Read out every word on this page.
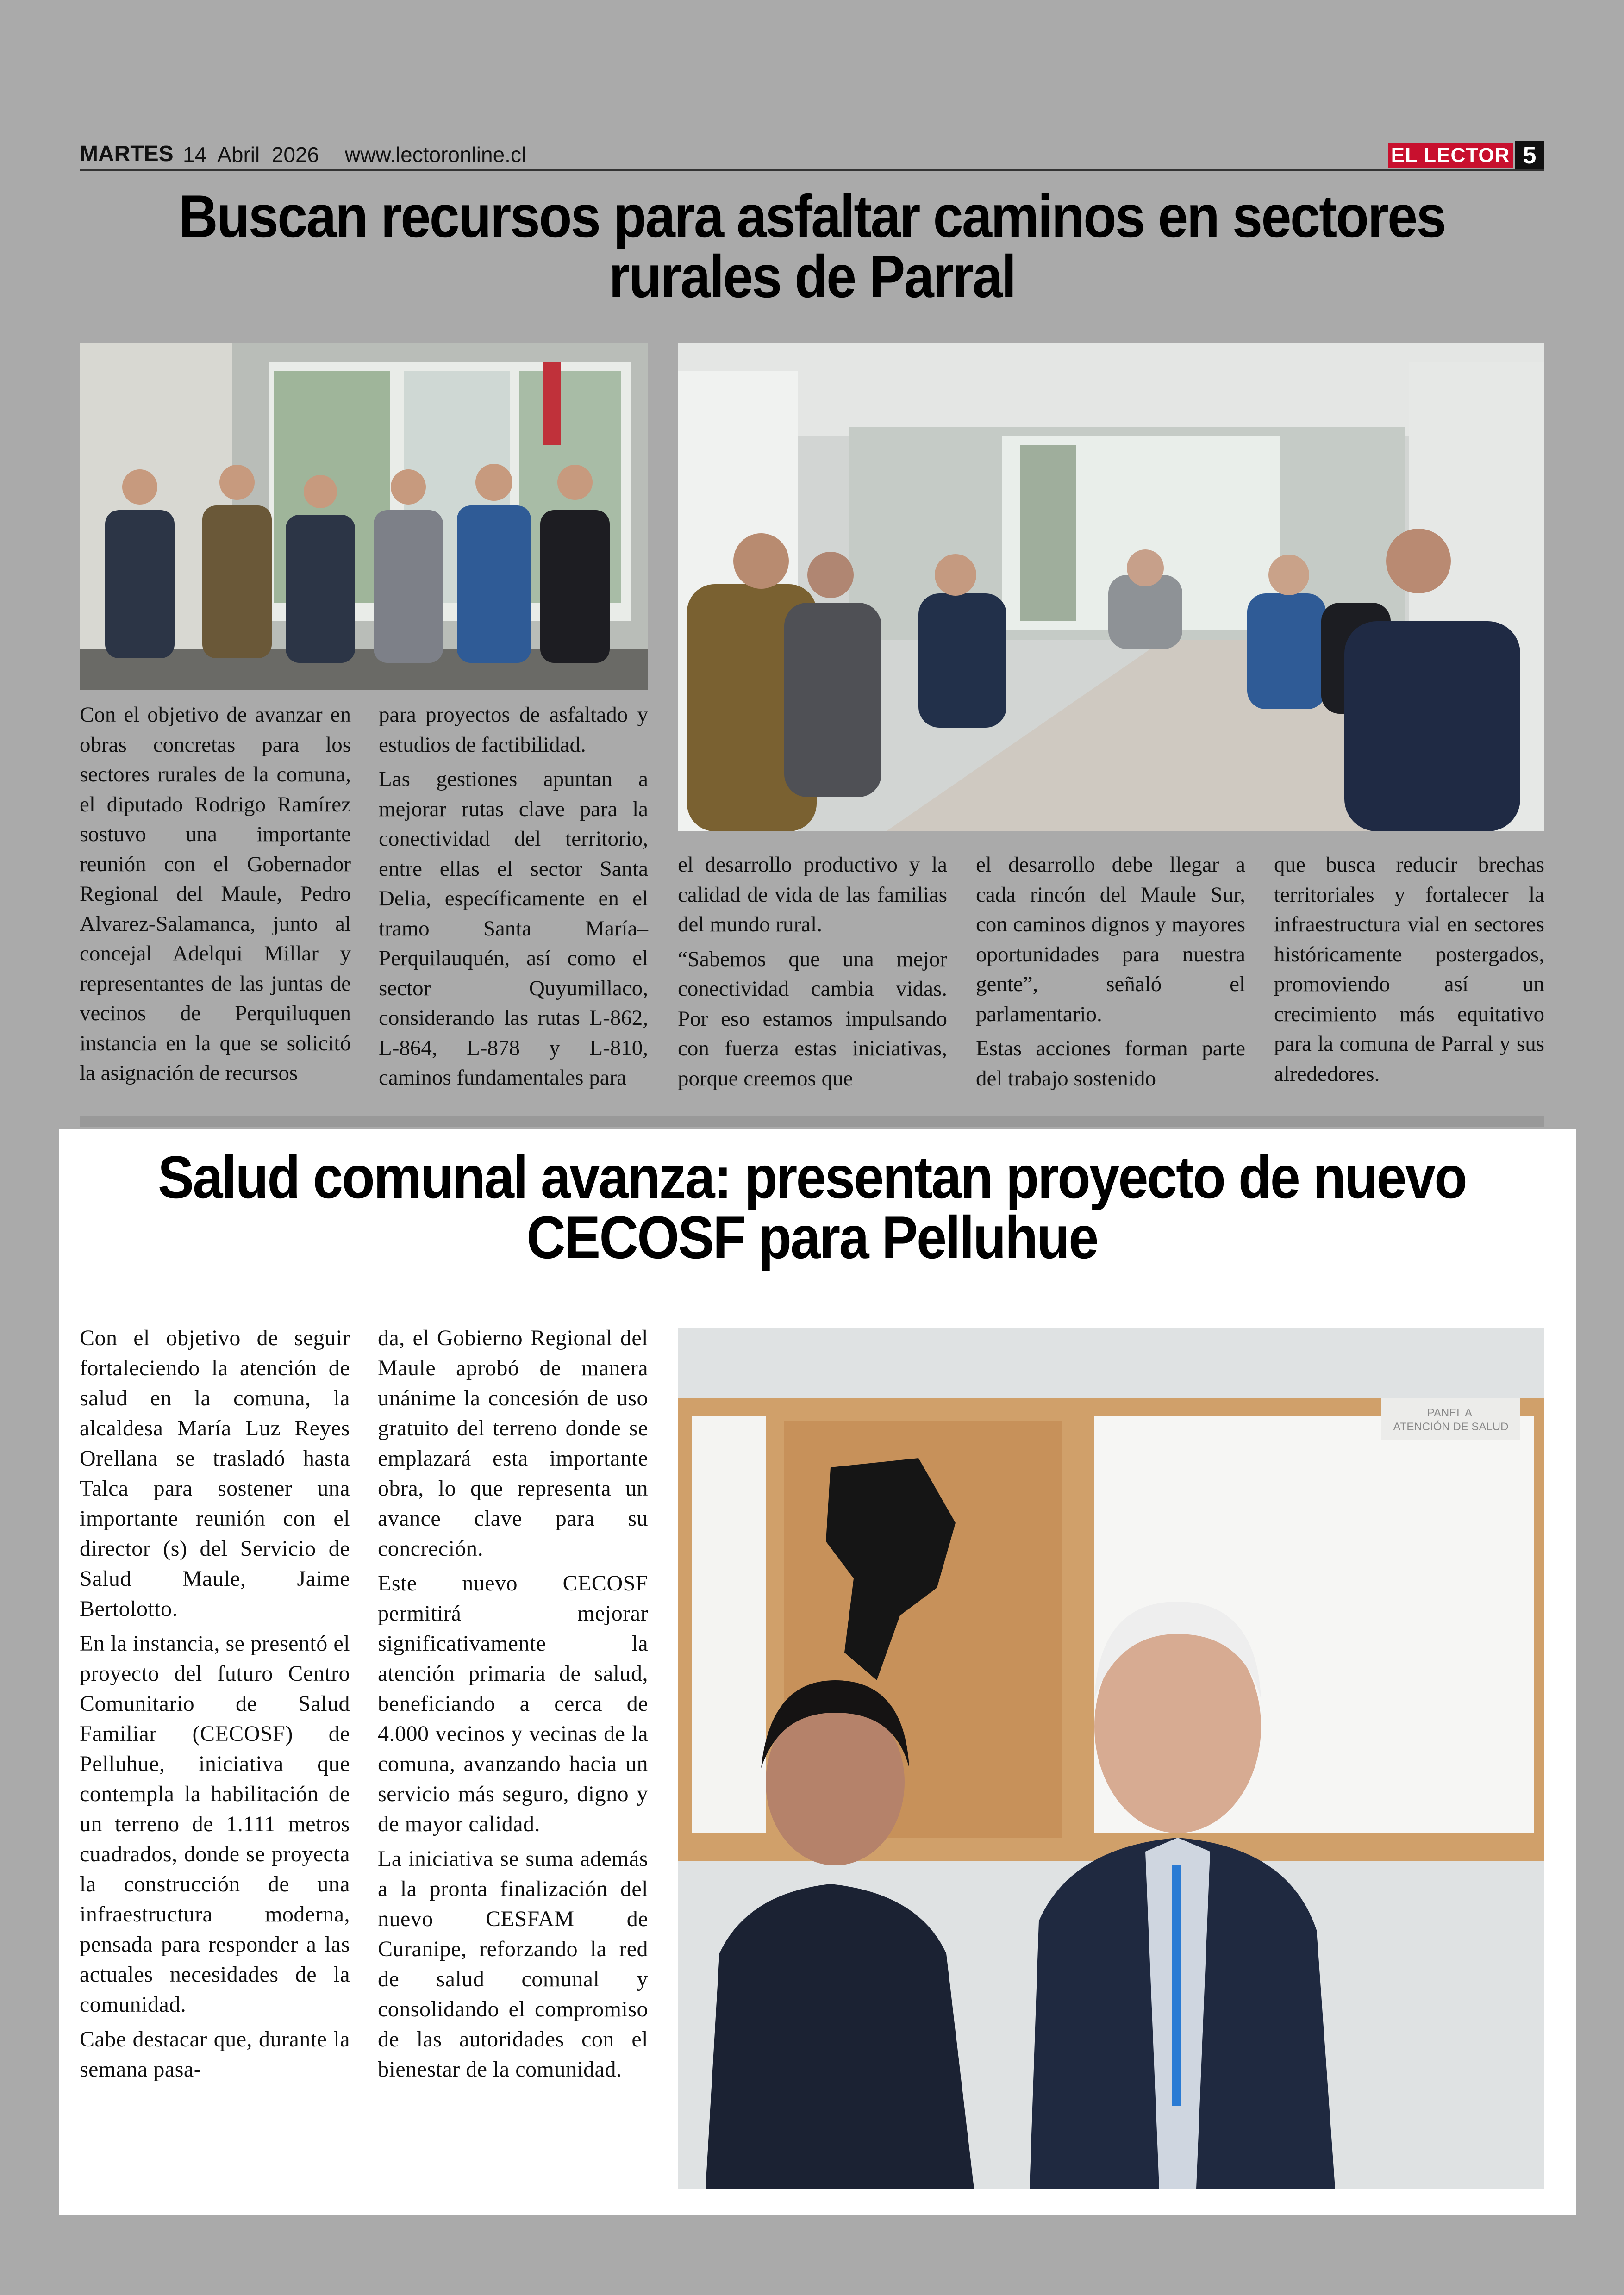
MARTES 14  Abril  2026 www.lectoronline.cl	EL LECTOR 5
Buscan recursos para asfaltar caminos en sectores rurales de Parral

Con el objetivo de avanzar en obras concretas para los sectores rurales de la comuna, el diputado Rodrigo Ramírez sostuvo una importante reunión con el Gobernador Regional del Maule, Pedro Alvarez-Salamanca, junto al concejal Adelqui Millar y representantes de las juntas de vecinos de Perquiluquen instancia en la que se solicitó la asignación de recursos

para proyectos de asfaltado y estudios de factibilidad.

Las gestiones apuntan a mejorar rutas clave para la conectividad del territorio, entre ellas el sector Santa Delia, específicamente en el tramo Santa María–Perquilauquén, así como el sector Quyumillaco, considerando las rutas L-862, L-864, L-878 y L-810, caminos fundamentales para

el desarrollo productivo y la calidad de vida de las familias del mundo rural.

“Sabemos que una mejor conectividad cambia vidas. Por eso estamos impulsando con fuerza estas iniciativas, porque creemos que

el desarrollo debe llegar a cada rincón del Maule Sur, con caminos dignos y mayores oportunidades para nuestra gente”, señaló el parlamentario.

Estas acciones forman parte del trabajo sostenido

que busca reducir brechas territoriales y fortalecer la infraestructura vial en sectores históricamente postergados, promoviendo así un crecimiento más equitativo para la comuna de Parral y sus alrededores.

Salud comunal avanza: presentan proyecto de nuevo CECOSF para Pelluhue

Con el objetivo de seguir fortaleciendo la atención de salud en la comuna, la alcaldesa María Luz Reyes Orellana se trasladó hasta Talca para sostener una importante reunión con el director (s) del Servicio de Salud Maule, Jaime Bertolotto.

En la instancia, se presentó el proyecto del futuro Centro Comunitario de Salud Familiar (CECOSF) de Pelluhue, iniciativa que contempla la habilitación de un terreno de 1.111 metros cuadrados, donde se proyecta la construcción de una infraestructura moderna, pensada para responder a las actuales necesidades de la comunidad.

Cabe destacar que, durante la semana pasa-

da, el Gobierno Regional del Maule aprobó de manera unánime la concesión de uso gratuito del terreno donde se emplazará esta importante obra, lo que representa un avance clave para su concreción.

Este nuevo CECOSF permitirá mejorar significativamente la atención primaria de salud, beneficiando a cerca de 4.000 vecinos y vecinas de la comuna, avanzando hacia un servicio más seguro, digno y de mayor calidad.

La iniciativa se suma además a la pronta finalización del nuevo CESFAM de Curanipe, reforzando la red de salud comunal y consolidando el compromiso de las autoridades con el bienestar de la comunidad.

PANEL A ATENCIÓN DE SALUD
